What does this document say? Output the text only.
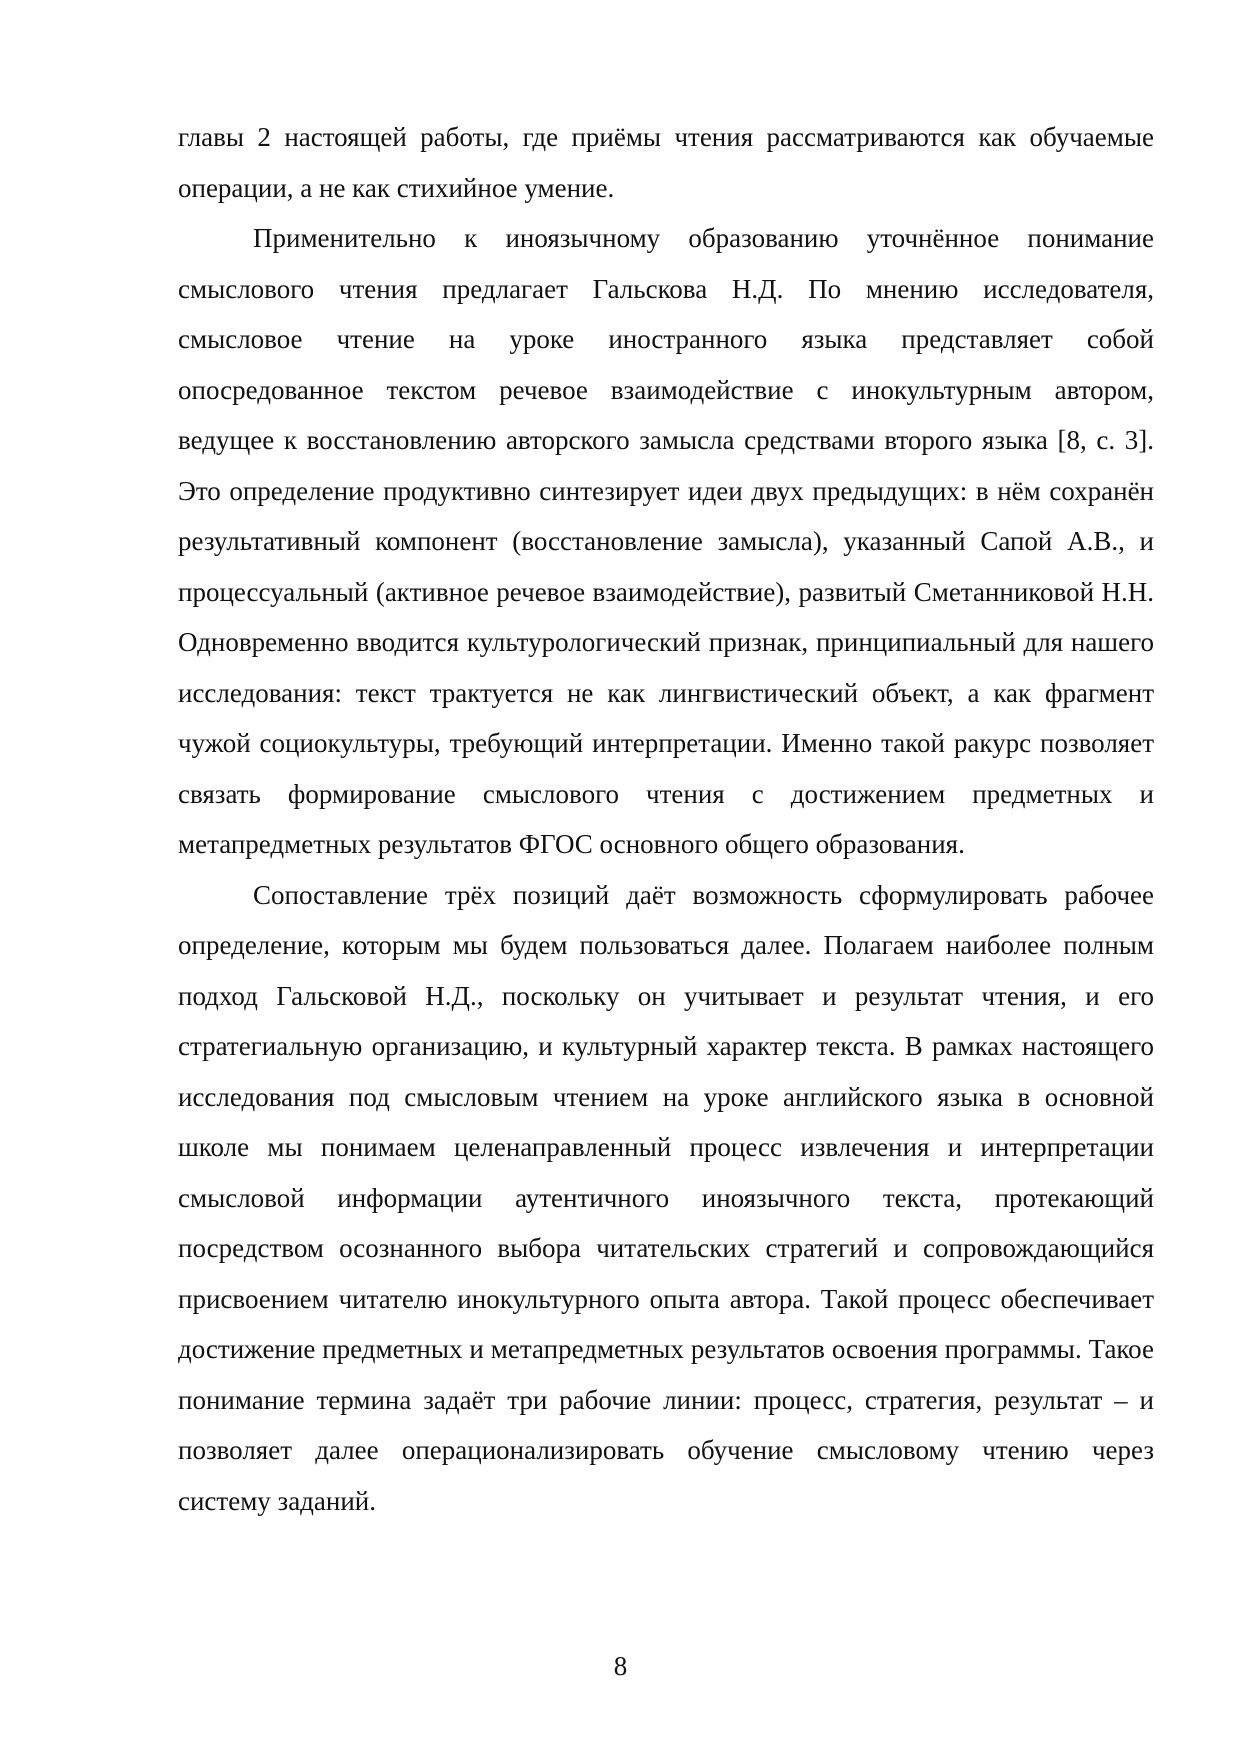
главы 2 настоящей работы, где приёмы чтения рассматриваются как обучаемые операции, а не как стихийное умение.

Применительно к иноязычному образованию уточнённое понимание смыслового чтения предлагает Гальскова Н.Д. По мнению исследователя, смысловое чтение на уроке иностранного языка представляет собой опосредованное текстом речевое взаимодействие с инокультурным автором, ведущее к восстановлению авторского замысла средствами второго языка [8, с. 3]. Это определение продуктивно синтезирует идеи двух предыдущих: в нём сохранён результативный компонент (восстановление замысла), указанный Сапой А.В., и процессуальный (активное речевое взаимодействие), развитый Сметанниковой Н.Н. Одновременно вводится культурологический признак, принципиальный для нашего исследования: текст трактуется не как лингвистический объект, а как фрагмент чужой социокультуры, требующий интерпретации. Именно такой ракурс позволяет связать формирование смыслового чтения с достижением предметных и метапредметных результатов ФГОС основного общего образования.

Сопоставление трёх позиций даёт возможность сформулировать рабочее определение, которым мы будем пользоваться далее. Полагаем наиболее полным подход Гальсковой Н.Д., поскольку он учитывает и результат чтения, и его стратегиальную организацию, и культурный характер текста. В рамках настоящего исследования под смысловым чтением на уроке английского языка в основной школе мы понимаем целенаправленный процесс извлечения и интерпретации смысловой информации аутентичного иноязычного текста, протекающий посредством осознанного выбора читательских стратегий и сопровождающийся присвоением читателю инокультурного опыта автора. Такой процесс обеспечивает достижение предметных и метапредметных результатов освоения программы. Такое понимание термина задаёт три рабочие линии: процесс, стратегия, результат – и позволяет далее операционализировать обучение смысловому чтению через систему заданий.

8
